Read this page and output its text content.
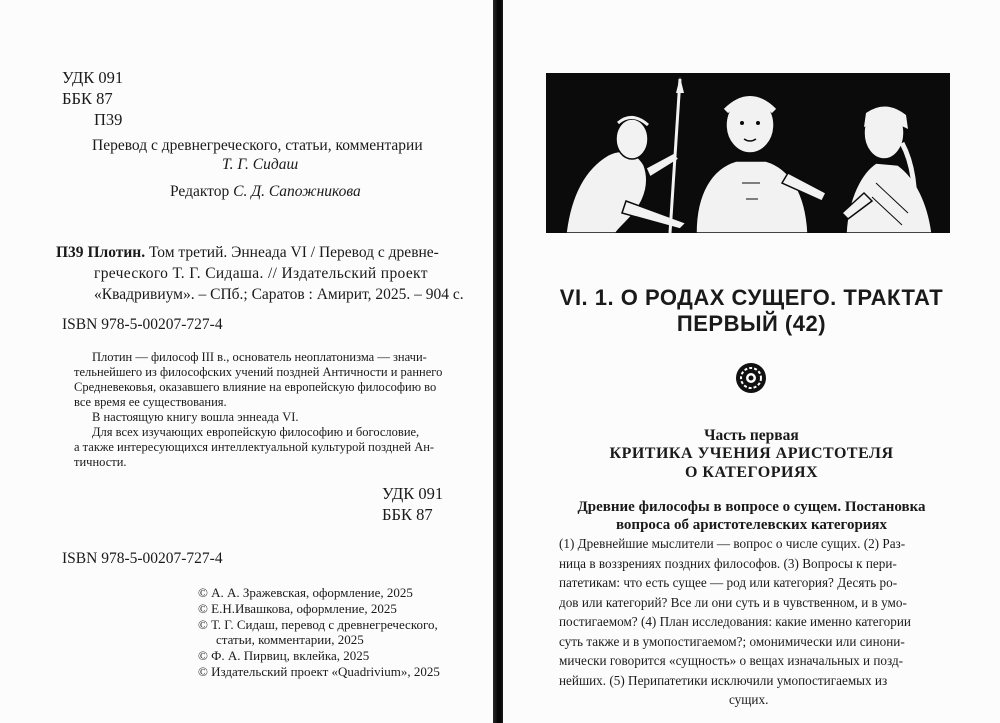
УДК 091
ББК 87
П39
Перевод с древнегреческого, статьи, комментарии
Т. Г. Сидаш
Редактор С. Д. Сапожникова
П39 Плотин. Том третий. Эннеада VI / Перевод с древне-
греческого Т. Г. Сидаша. // Издательский проект
«Квадривиум». – СПб.; Саратов : Амирит, 2025. – 904 с.
ISBN 978-5-00207-727-4

Плотин — философ III в., основатель неоплатонизма — значи-

тельнейшего из философских учений поздней Античности и раннего

Средневековья, оказавшего влияние на европейскую философию во

все время ее существования.

В настоящую книгу вошла эннеада VI.

Для всех изучающих европейскую философию и богословие,

а также интересующихся интеллектуальной культурой поздней Ан-

тичности.

УДК 091
ББК 87
ISBN 978-5-00207-727-4
© А. А. Зражевская, оформление, 2025
© Е.Н.Ивашкова, оформление, 2025
© Т. Г. Сидаш, перевод с древнегреческого,
статьи, комментарии, 2025
© Ф. А. Пирвиц, вклейка, 2025
© Издательский проект «Quadrivium», 2025
VI. 1. О РОДАХ СУЩЕГО. ТРАКТАТ
ПЕРВЫЙ (42)
Часть первая
КРИТИКА УЧЕНИЯ АРИСТОТЕЛЯ
О КАТЕГОРИЯХ
Древние философы в вопросе о сущем. Постановка
вопроса об аристотелевских категориях
(1) Древнейшие мыслители — вопрос о числе сущих. (2) Раз-
ница в воззрениях поздних философов. (3) Вопросы к пери-
патетикам: что есть сущее — род или категория? Десять ро-
дов или категорий? Все ли они суть и в чувственном, и в умо-
постигаемом? (4) План исследования: какие именно категории
суть также и в умопостигаемом?; омонимически или синони-
мически говорится «сущность» о вещах изначальных и позд-
нейших. (5) Перипатетики исключили умопостигаемых из
сущих.
